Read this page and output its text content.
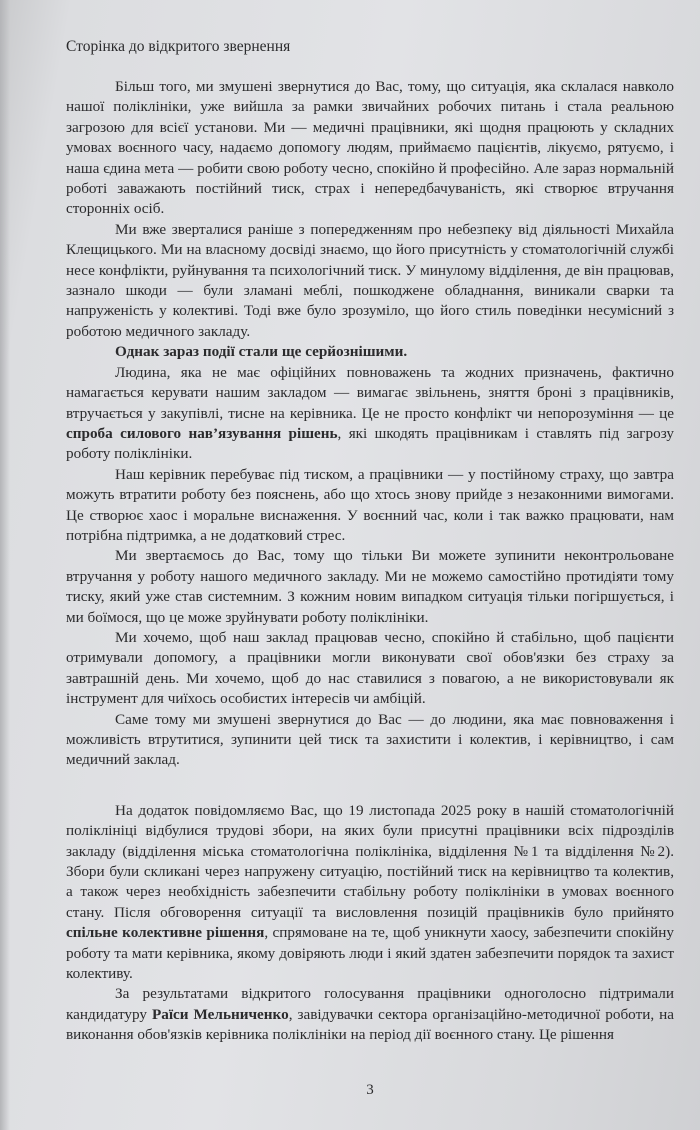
Сторінка до відкритого звернення

Більш того, ми змушені звернутися до Вас, тому, що ситуація, яка склалася навколо нашої поліклініки, уже вийшла за рамки звичайних робочих питань і стала реальною загрозою для всієї установи. Ми — медичні працівники, які щодня працюють у складних умовах воєнного часу, надаємо допомогу людям, приймаємо пацієнтів, лікуємо, рятуємо, і наша єдина мета — робити свою роботу чесно, спокійно й професійно. Але зараз нормальній роботі заважають постійний тиск, страх і непередбачуваність, які створює втручання сторонніх осіб.

Ми вже зверталися раніше з попередженням про небезпеку від діяльності Михайла Клещицького. Ми на власному досвіді знаємо, що його присутність у стоматологічній службі несе конфлікти, руйнування та психологічний тиск. У минулому відділення, де він працював, зазнало шкоди — були зламані меблі, пошкоджене обладнання, виникали сварки та напруженість у колективі. Тоді вже було зрозуміло, що його стиль поведінки несумісний з роботою медичного закладу.

Однак зараз події стали ще серйознішими.

Людина, яка не має офіційних повноважень та жодних призначень, фактично намагається керувати нашим закладом — вимагає звільнень, зняття броні з працівників, втручається у закупівлі, тисне на керівника. Це не просто конфлікт чи непорозуміння — це спроба силового нав’язування рішень, які шкодять працівникам і ставлять під загрозу роботу поліклініки.

Наш керівник перебуває під тиском, а працівники — у постійному страху, що завтра можуть втратити роботу без пояснень, або що хтось знову прийде з незаконними вимогами. Це створює хаос і моральне виснаження. У воєнний час, коли і так важко працювати, нам потрібна підтримка, а не додатковий стрес.

Ми звертаємось до Вас, тому що тільки Ви можете зупинити неконтрольоване втручання у роботу нашого медичного закладу. Ми не можемо самостійно протидіяти тому тиску, який уже став системним. З кожним новим випадком ситуація тільки погіршується, і ми боїмося, що це може зруйнувати роботу поліклініки.

Ми хочемо, щоб наш заклад працював чесно, спокійно й стабільно, щоб пацієнти отримували допомогу, а працівники могли виконувати свої обов'язки без страху за завтрашній день. Ми хочемо, щоб до нас ставилися з повагою, а не використовували як інструмент для чиїхось особистих інтересів чи амбіцій.

Саме тому ми змушені звернутися до Вас — до людини, яка має повноваження і можливість втрутитися, зупинити цей тиск та захистити і колектив, і керівництво, і сам медичний заклад.

На додаток повідомляємо Вас, що 19 листопада 2025 року в нашій стоматологічній поліклініці відбулися трудові збори, на яких були присутні працівники всіх підрозділів закладу (відділення міська стоматологічна поліклініка, відділення №1 та відділення №2). Збори були скликані через напружену ситуацію, постійний тиск на керівництво та колектив, а також через необхідність забезпечити стабільну роботу поліклініки в умовах воєнного стану. Після обговорення ситуації та висловлення позицій працівників було прийнято спільне колективне рішення, спрямоване на те, щоб уникнути хаосу, забезпечити спокійну роботу та мати керівника, якому довіряють люди і який здатен забезпечити порядок та захист колективу.

За результатами відкритого голосування працівники одноголосно підтримали кандидатуру Раїси Мельниченко, завідувачки сектора організаційно-методичної роботи, на виконання обов'язків керівника поліклініки на період дії воєнного стану. Це рішення

3
